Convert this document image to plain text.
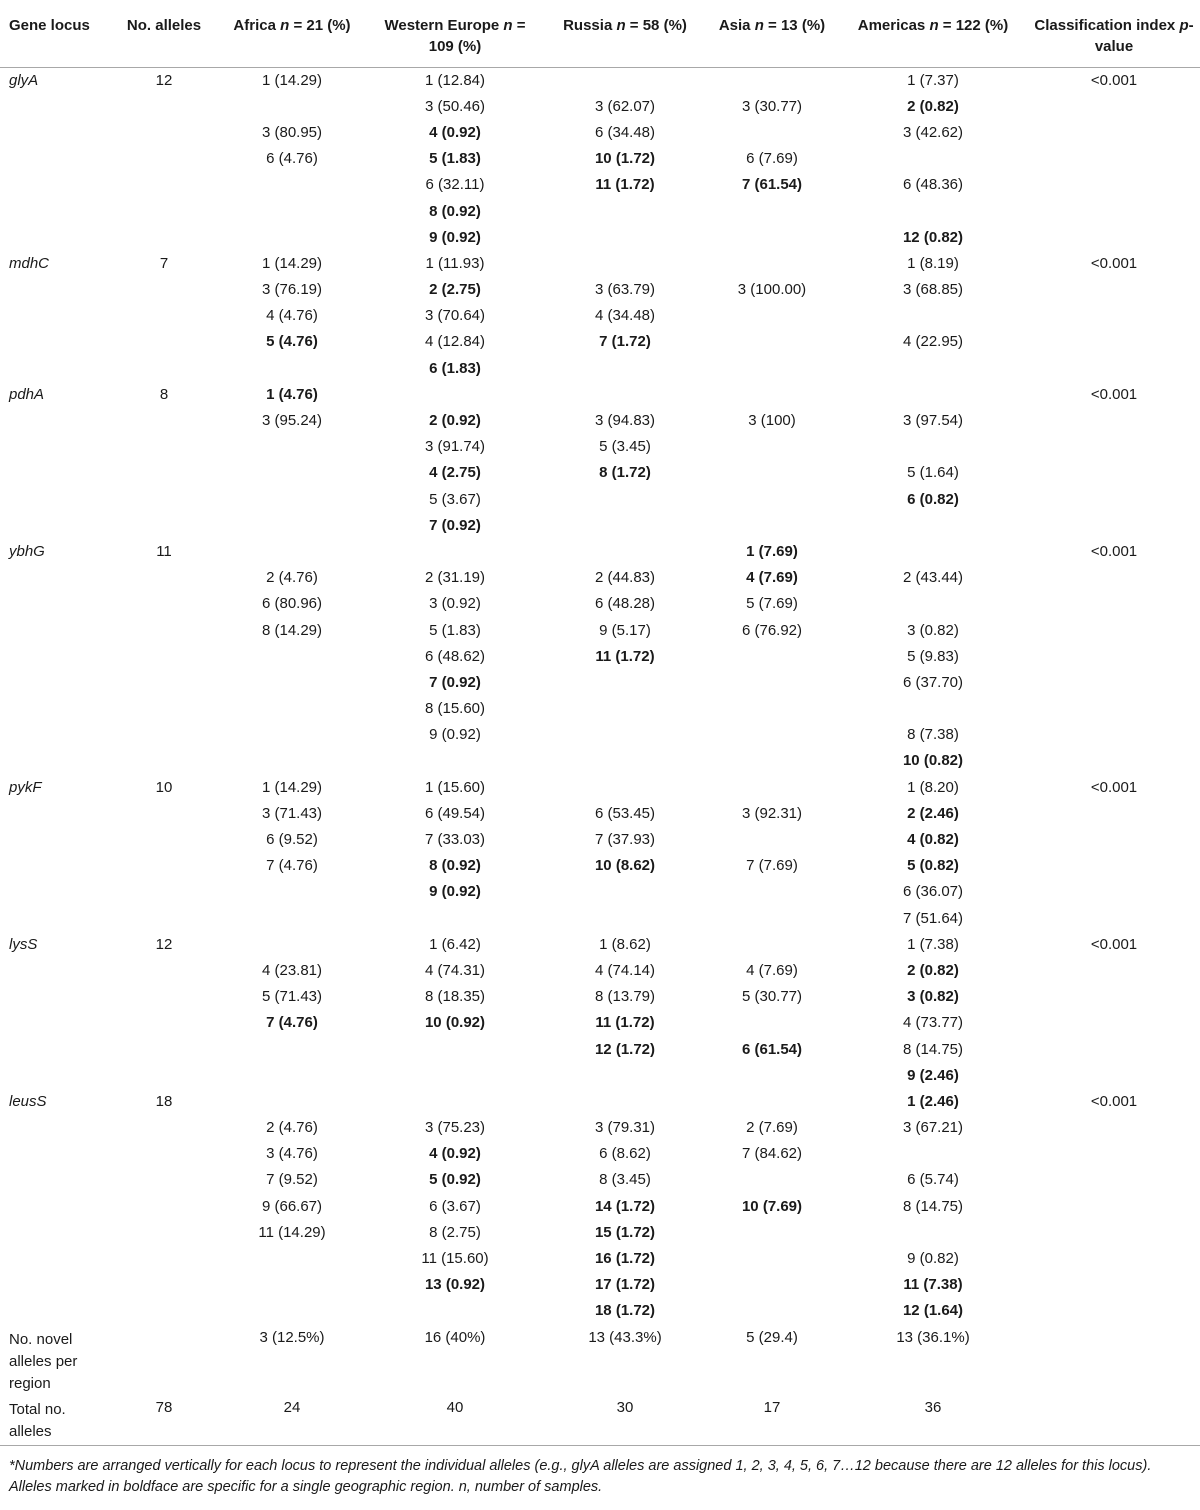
Gene locus	No. alleles	Africa n = 21 (%)	Western Europe n = 109 (%)	Russia n = 58 (%)	Asia n = 13 (%)	Americas n = 122 (%)	Classification index p-value
glyA	12	1 (14.29)	1 (12.84)			1 (7.37)	<0.001
			3 (50.46)	3 (62.07)	3 (30.77)	2 (0.82)	
		3 (80.95)	4 (0.92)	6 (34.48)		3 (42.62)	
		6 (4.76)	5 (1.83)	10 (1.72)	6 (7.69)		
			6 (32.11)	11 (1.72)	7 (61.54)	6 (48.36)	
			8 (0.92)				
			9 (0.92)			12 (0.82)	
mdhC	7	1 (14.29)	1 (11.93)			1 (8.19)	<0.001
		3 (76.19)	2 (2.75)	3 (63.79)	3 (100.00)	3 (68.85)	
		4 (4.76)	3 (70.64)	4 (34.48)			
		5 (4.76)	4 (12.84)	7 (1.72)		4 (22.95)	
			6 (1.83)				
pdhA	8	1 (4.76)					<0.001
		3 (95.24)	2 (0.92)	3 (94.83)	3 (100)	3 (97.54)	
			3 (91.74)	5 (3.45)			
			4 (2.75)	8 (1.72)		5 (1.64)	
			5 (3.67)			6 (0.82)	
			7 (0.92)				
ybhG	11				1 (7.69)		<0.001
		2 (4.76)	2 (31.19)	2 (44.83)	4 (7.69)	2 (43.44)	
		6 (80.96)	3 (0.92)	6 (48.28)	5 (7.69)		
		8 (14.29)	5 (1.83)	9 (5.17)	6 (76.92)	3 (0.82)	
			6 (48.62)	11 (1.72)		5 (9.83)	
			7 (0.92)			6 (37.70)	
			8 (15.60)				
			9 (0.92)			8 (7.38)	
						10 (0.82)	
pykF	10	1 (14.29)	1 (15.60)			1 (8.20)	<0.001
		3 (71.43)	6 (49.54)	6 (53.45)	3 (92.31)	2 (2.46)	
		6 (9.52)	7 (33.03)	7 (37.93)		4 (0.82)	
		7 (4.76)	8 (0.92)	10 (8.62)	7 (7.69)	5 (0.82)	
			9 (0.92)			6 (36.07)	
						7 (51.64)	
lysS	12		1 (6.42)	1 (8.62)		1 (7.38)	<0.001
		4 (23.81)	4 (74.31)	4 (74.14)	4 (7.69)	2 (0.82)	
		5 (71.43)	8 (18.35)	8 (13.79)	5 (30.77)	3 (0.82)	
		7 (4.76)	10 (0.92)	11 (1.72)		4 (73.77)	
				12 (1.72)	6 (61.54)	8 (14.75)	
						9 (2.46)	
leusS	18					1 (2.46)	<0.001
		2 (4.76)	3 (75.23)	3 (79.31)	2 (7.69)	3 (67.21)	
		3 (4.76)	4 (0.92)	6 (8.62)	7 (84.62)		
		7 (9.52)	5 (0.92)	8 (3.45)		6 (5.74)	
		9 (66.67)	6 (3.67)	14 (1.72)	10 (7.69)	8 (14.75)	
		11 (14.29)	8 (2.75)	15 (1.72)			
			11 (15.60)	16 (1.72)		9 (0.82)	
			13 (0.92)	17 (1.72)		11 (7.38)	
				18 (1.72)		12 (1.64)	
No. novel alleles per region		3 (12.5%)	16 (40%)	13 (43.3%)	5 (29.4)	13 (36.1%)	
Total no. alleles	78	24	40	30	17	36	
*Numbers are arranged vertically for each locus to represent the individual alleles (e.g., glyA alleles are assigned 1, 2, 3, 4, 5, 6, 7…12 because there are 12 alleles for this locus). Alleles marked in boldface are specific for a single geographic region. n, number of samples.
